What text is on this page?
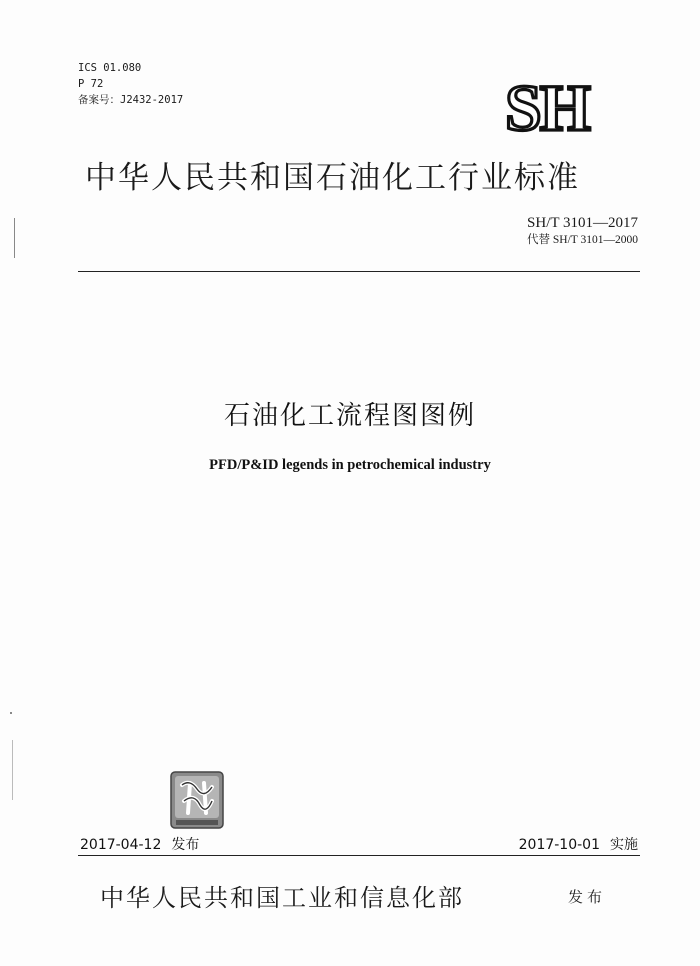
ICS 01.080
P 72
备案号：J2432-2017	SH
中华人民共和国石油化工行业标准
SH/T 3101—2017
代替 SH/T 3101—2000
石油化工流程图图例
PFD/P&ID legends in petrochemical industry
2017-04-12 发布	2017-10-01 实施
中华人民共和国工业和信息化部	发布
